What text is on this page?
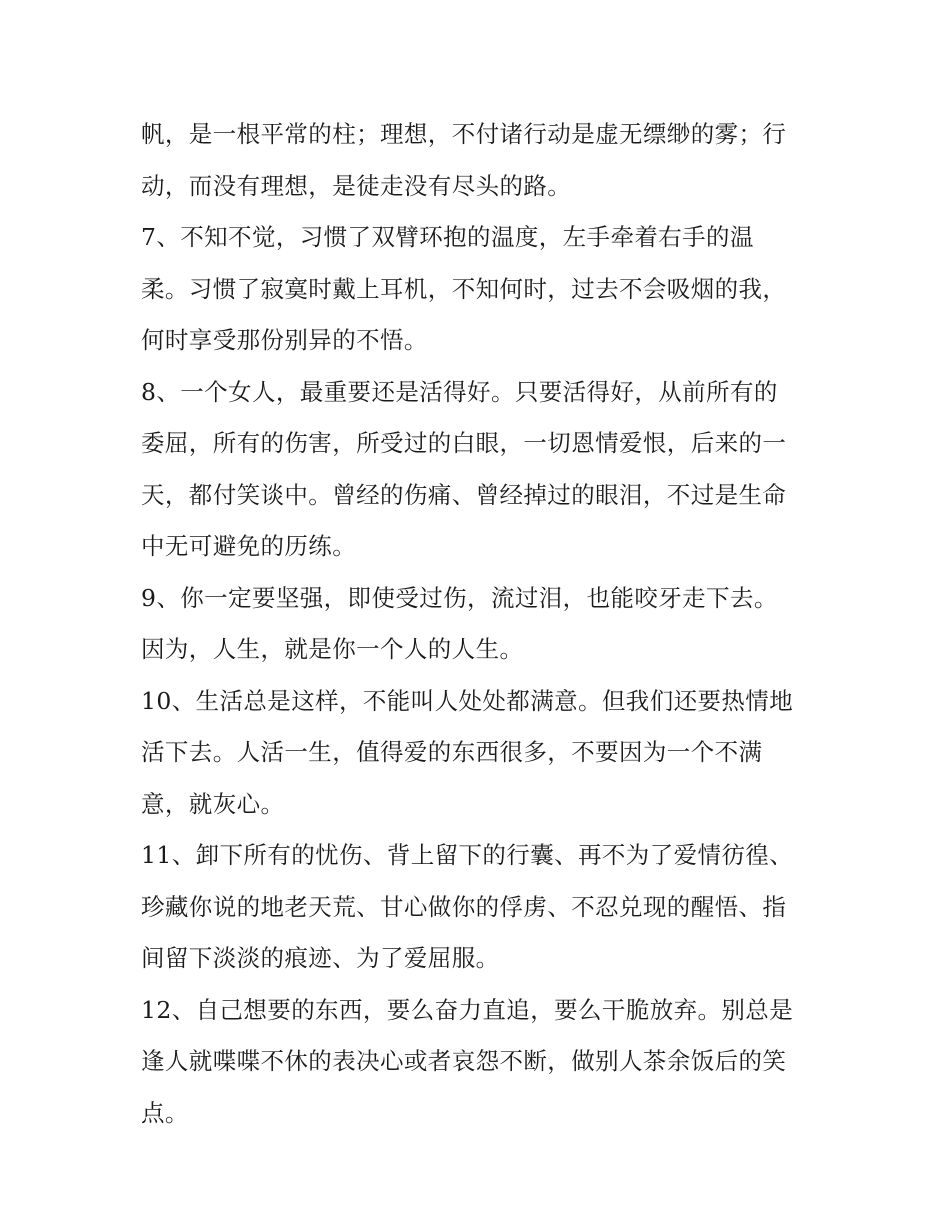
帆，是一根平常的柱；理想，不付诸行动是虚无缥缈的雾；行
动，而没有理想，是徒走没有尽头的路。
7、不知不觉，习惯了双臂环抱的温度，左手牵着右手的温
柔。习惯了寂寞时戴上耳机，不知何时，过去不会吸烟的我，
何时享受那份别异的不悟。
8、一个女人，最重要还是活得好。只要活得好，从前所有的
委屈，所有的伤害，所受过的白眼，一切恩情爱恨，后来的一
天，都付笑谈中。曾经的伤痛、曾经掉过的眼泪，不过是生命
中无可避免的历练。
9、你一定要坚强，即使受过伤，流过泪，也能咬牙走下去。
因为，人生，就是你一个人的人生。
10、生活总是这样，不能叫人处处都满意。但我们还要热情地
活下去。人活一生，值得爱的东西很多，不要因为一个不满
意，就灰心。
11、卸下所有的忧伤、背上留下的行囊、再不为了爱情彷徨、
珍藏你说的地老天荒、甘心做你的俘虏、不忍兑现的醒悟、指
间留下淡淡的痕迹、为了爱屈服。
12、自己想要的东西，要么奋力直追，要么干脆放弃。别总是
逢人就喋喋不休的表决心或者哀怨不断，做别人茶余饭后的笑
点。
